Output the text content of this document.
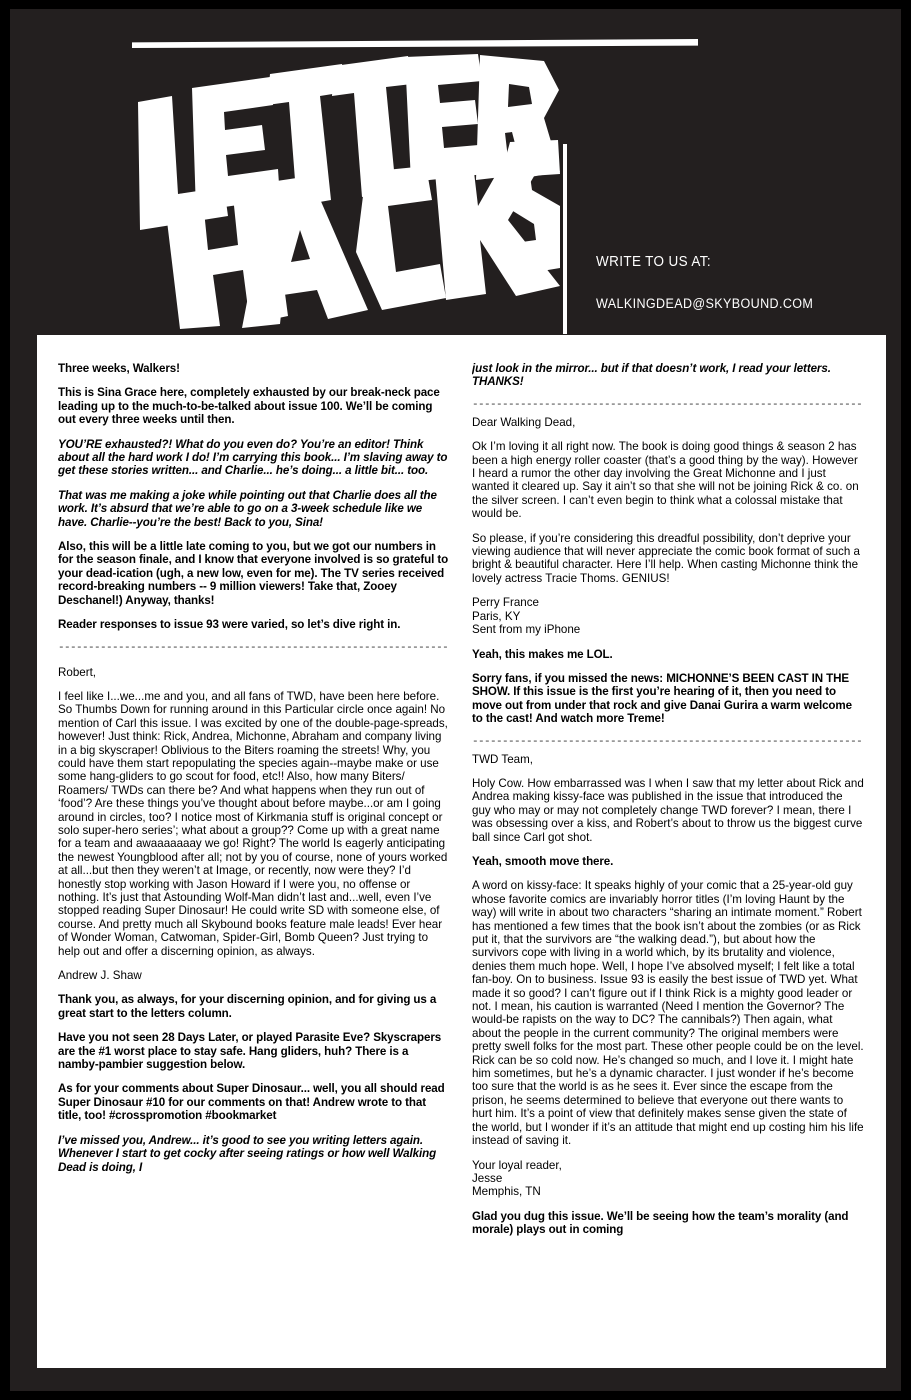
WRITE TO US AT:
WALKINGDEAD@SKYBOUND.COM

Three weeks, Walkers!

This is Sina Grace here, completely exhausted by our break-neck pace leading up to the much-to-be-talked about issue 100. We’ll be coming out every three weeks until then.

YOU’RE exhausted?! What do you even do? You’re an editor! Think about all the hard work I do! I’m carrying this book... I’m slaving away to get these stories written... and Charlie... he’s doing... a little bit... too.

That was me making a joke while pointing out that Charlie does all the work. It’s absurd that we’re able to go on a 3-week schedule like we have. Charlie--you’re the best! Back to you, Sina!

Also, this will be a little late coming to you, but we got our numbers in for the season finale, and I know that everyone involved is so grateful to your dead-ication (ugh, a new low, even for me). The TV series received record-breaking numbers -- 9 million viewers! Take that, Zooey Deschanel!) Anyway, thanks!

Reader responses to issue 93 were varied, so let’s dive right in.

-----------------------------------------------------------------

Robert,

I feel like I...we...me and you, and all fans of TWD, have been here before. So Thumbs Down for running around in this Particular circle once again! No mention of Carl this issue. I was excited by one of the double-page-spreads, however! Just think: Rick, Andrea, Michonne, Abraham and company living in a big skyscraper! Oblivious to the Biters roaming the streets! Why, you could have them start repopulating the species again--maybe make or use some hang-gliders to go scout for food, etc!! Also, how many Biters/ Roamers/ TWDs can there be? And what happens when they run out of ‘food’? Are these things you’ve thought about before maybe...or am I going around in circles, too? I notice most of Kirkmania stuff is original concept or solo super-hero series’; what about a group?? Come up with a great name for a team and awaaaaaaay we go! Right? The world Is eagerly anticipating the newest Youngblood after all; not by you of course, none of yours worked at all...but then they weren’t at Image, or recently, now were they? I’d honestly stop working with Jason Howard if I were you, no offense or nothing. It’s just that Astounding Wolf-Man didn’t last and...well, even I’ve stopped reading Super Dinosaur! He could write SD with someone else, of course. And pretty much all Skybound books feature male leads! Ever hear of Wonder Woman, Catwoman, Spider-Girl, Bomb Queen? Just trying to help out and offer a discerning opinion, as always.

Andrew J. Shaw

Thank you, as always, for your discerning opinion, and for giving us a great start to the letters column.

Have you not seen 28 Days Later, or played Parasite Eve? Skyscrapers are the #1 worst place to stay safe. Hang gliders, huh? There is a namby-pambier suggestion below.

As for your comments about Super Dinosaur... well, you all should read Super Dinosaur #10 for our comments on that! Andrew wrote to that title, too! #crosspromotion #bookmarket

I’ve missed you, Andrew... it’s good to see you writing letters again. Whenever I start to get cocky after seeing ratings or how well Walking Dead is doing, I

just look in the mirror... but if that doesn’t work, I read your letters. THANKS!

-----------------------------------------------------------------

Dear Walking Dead,

Ok I’m loving it all right now. The book is doing good things & season 2 has been a high energy roller coaster (that’s a good thing by the way). However I heard a rumor the other day involving the Great Michonne and I just wanted it cleared up. Say it ain’t so that she will not be joining Rick & co. on the silver screen. I can’t even begin to think what a colossal mistake that would be.

So please, if you’re considering this dreadful possibility, don’t deprive your viewing audience that will never appreciate the comic book format of such a bright & beautiful character. Here I’ll help. When casting Michonne think the lovely actress Tracie Thoms. GENIUS!

Perry France

Paris, KY

Sent from my iPhone

Yeah, this makes me LOL.

Sorry fans, if you missed the news: MICHONNE’S BEEN CAST IN THE SHOW. If this issue is the first you’re hearing of it, then you need to move out from under that rock and give Danai Gurira a warm welcome to the cast! And watch more Treme!

-----------------------------------------------------------------

TWD Team,

Holy Cow. How embarrassed was I when I saw that my letter about Rick and Andrea making kissy-face was published in the issue that introduced the guy who may or may not completely change TWD forever? I mean, there I was obsessing over a kiss, and Robert’s about to throw us the biggest curve ball since Carl got shot.

Yeah, smooth move there.

A word on kissy-face: It speaks highly of your comic that a 25-year-old guy whose favorite comics are invariably horror titles (I’m loving Haunt by the way) will write in about two characters “sharing an intimate moment.” Robert has mentioned a few times that the book isn’t about the zombies (or as Rick put it, that the survivors are “the walking dead.”), but about how the survivors cope with living in a world which, by its brutality and violence, denies them much hope. Well, I hope I’ve absolved myself; I felt like a total fan-boy. On to business. Issue 93 is easily the best issue of TWD yet. What made it so good? I can’t figure out if I think Rick is a mighty good leader or not. I mean, his caution is warranted (Need I mention the Governor? The would-be rapists on the way to DC? The cannibals?) Then again, what about the people in the current community? The original members were pretty swell folks for the most part. These other people could be on the level. Rick can be so cold now. He’s changed so much, and I love it. I might hate him sometimes, but he’s a dynamic character. I just wonder if he’s become too sure that the world is as he sees it. Ever since the escape from the prison, he seems determined to believe that everyone out there wants to hurt him. It’s a point of view that definitely makes sense given the state of the world, but I wonder if it’s an attitude that might end up costing him his life instead of saving it.

Your loyal reader,

Jesse

Memphis, TN

Glad you dug this issue. We’ll be seeing how the team’s morality (and morale) plays out in coming
